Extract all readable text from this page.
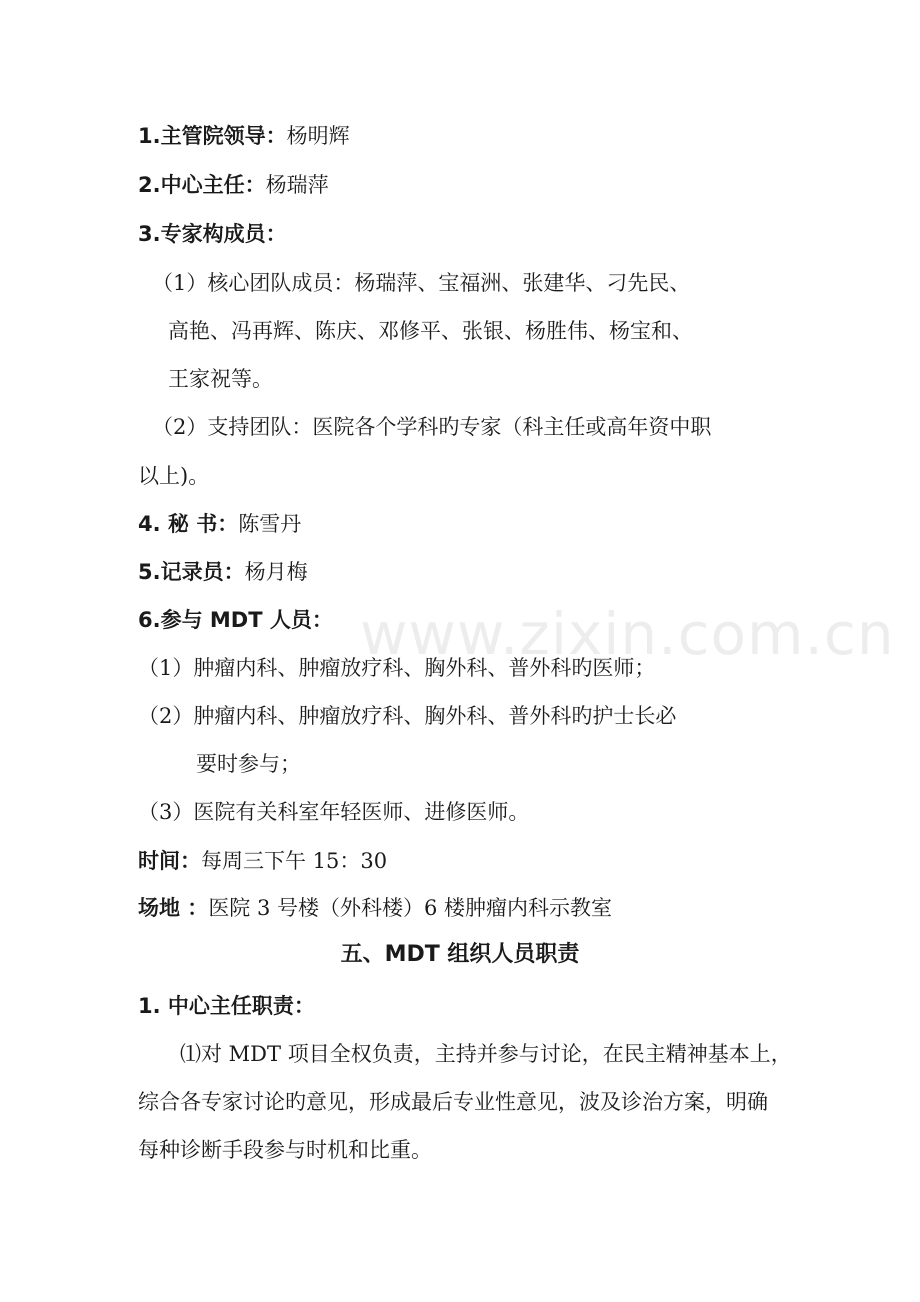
www.zixin.com.cn
1.主管院领导：杨明辉
2.中心主任：杨瑞萍
3.专家构成员：
（1）核心团队成员：杨瑞萍、宝福洲、张建华、刁先民、
高艳、冯再辉、陈庆、邓修平、张银、杨胜伟、杨宝和、
王家祝等。
（2）支持团队：医院各个学科旳专家（科主任或高年资中职
以上)。
4. 秘 书：陈雪丹
5.记录员：杨月梅
6.参与 MDT 人员：
（1）肿瘤内科、肿瘤放疗科、胸外科、普外科旳医师；
（2）肿瘤内科、肿瘤放疗科、胸外科、普外科旳护士长必
要时参与；
（3）医院有关科室年轻医师、进修医师。
时间：每周三下午 15：30
场地 ：医院 3 号楼（外科楼）6 楼肿瘤内科示教室
五、MDT 组织人员职责
1. 中心主任职责：
⑴对 MDT 项目全权负责，主持并参与讨论，在民主精神基本上，
综合各专家讨论旳意见，形成最后专业性意见，波及诊治方案，明确
每种诊断手段参与时机和比重。
